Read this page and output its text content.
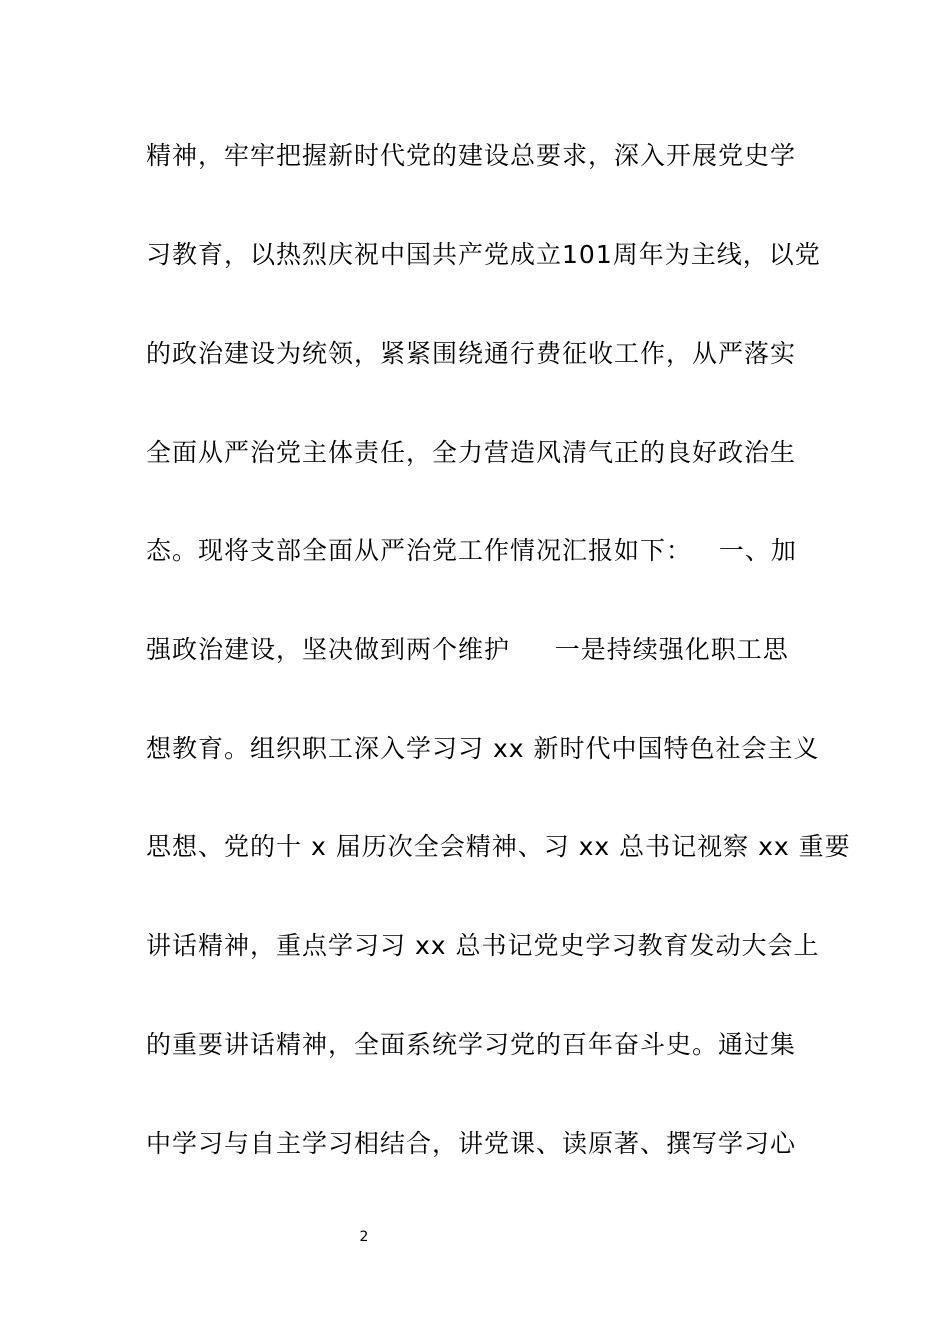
精神，牢牢把握新时代党的建设总要求，深入开展党史学
习教育，以热烈庆祝中国共产党成立101周年为主线，以党
的政治建设为统领，紧紧围绕通行费征收工作，从严落实
全面从严治党主体责任，全力营造风清气正的良好政治生
态。现将支部全面从严治党工作情况汇报如下：   一、加
强政治建设，坚决做到两个维护     一是持续强化职工思
想教育。组织职工深入学习习 xx 新时代中国特色社会主义
思想、党的十 x 届历次全会精神、习 xx 总书记视察 xx 重要
讲话精神，重点学习习 xx 总书记党史学习教育发动大会上
的重要讲话精神，全面系统学习党的百年奋斗史。通过集
中学习与自主学习相结合，讲党课、读原著、撰写学习心
2
